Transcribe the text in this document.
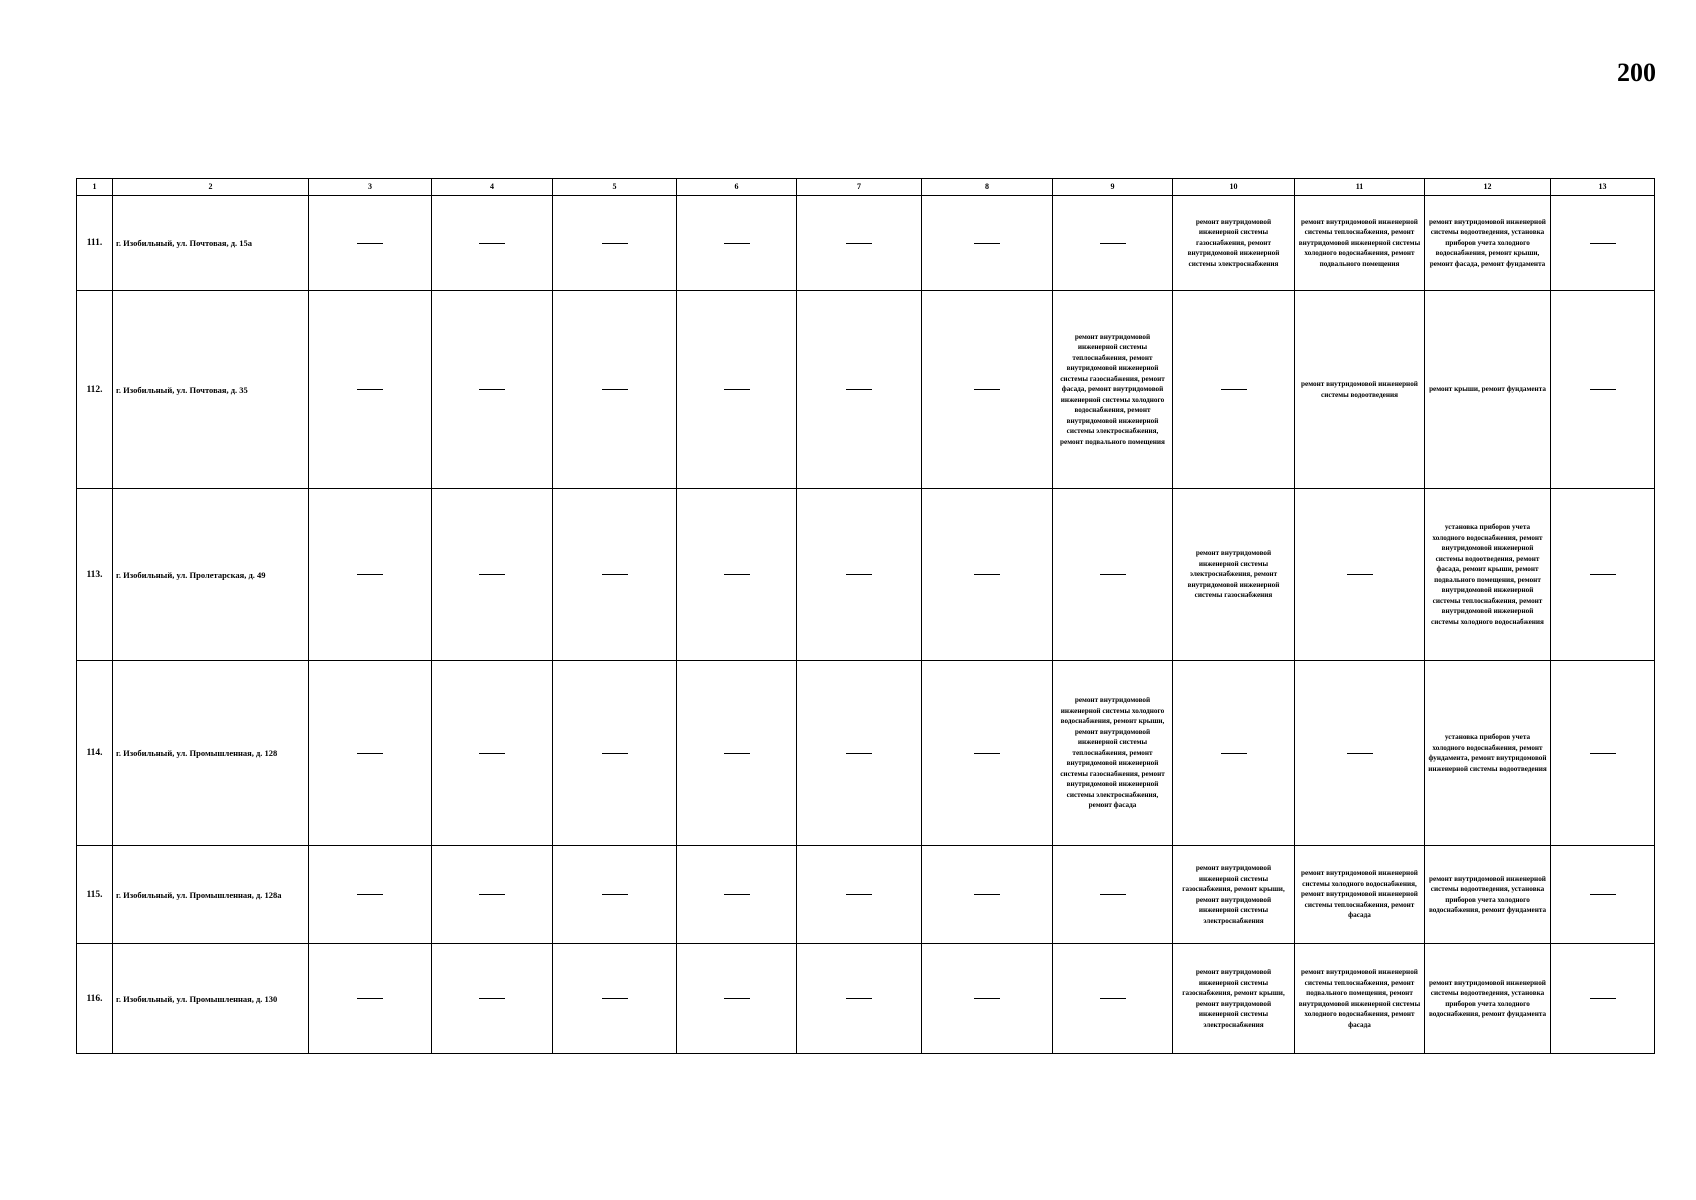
200
1	2	3	4	5	6	7	8	9	10	11	12	13
111.	г. Изобильный, ул. Почтовая, д. 15а								ремонт внутридомовой инженерной системы газоснабжения, ремонт внутридомовой инженерной системы электроснабжения	ремонт внутридомовой инженерной системы теплоснабжения, ремонт внутридомовой инженерной системы холодного водоснабжения, ремонт подвального помещения	ремонт внутридомовой инженерной системы водоотведения, установка приборов учета холодного водоснабжения, ремонт крыши, ремонт фасада, ремонт фундамента	
112.	г. Изобильный, ул. Почтовая, д. 35							ремонт внутридомовой инженерной системы теплоснабжения, ремонт внутридомовой инженерной системы газоснабжения, ремонт фасада, ремонт внутридомовой инженерной системы холодного водоснабжения, ремонт внутридомовой инженерной системы электроснабжения, ремонт подвального помещения		ремонт внутридомовой инженерной системы водоотведения	ремонт крыши, ремонт фундамента	
113.	г. Изобильный, ул. Пролетарская, д. 49								ремонт внутридомовой инженерной системы электроснабжения, ремонт внутридомовой инженерной системы газоснабжения		установка приборов учета холодного водоснабжения, ремонт внутридомовой инженерной системы водоотведения, ремонт фасада, ремонт крыши, ремонт подвального помещения, ремонт внутридомовой инженерной системы теплоснабжения, ремонт внутридомовой инженерной системы холодного водоснабжения	
114.	г. Изобильный, ул. Промышленная, д. 128							ремонт внутридомовой инженерной системы холодного водоснабжения, ремонт крыши, ремонт внутридомовой инженерной системы теплоснабжения, ремонт внутридомовой инженерной системы газоснабжения, ремонт внутридомовой инженерной системы электроснабжения, ремонт фасада			установка приборов учета холодного водоснабжения, ремонт фундамента, ремонт внутридомовой инженерной системы водоотведения	
115.	г. Изобильный, ул. Промышленная, д. 128а								ремонт внутридомовой инженерной системы газоснабжения, ремонт крыши, ремонт внутридомовой инженерной системы электроснабжения	ремонт внутридомовой инженерной системы холодного водоснабжения, ремонт внутридомовой инженерной системы теплоснабжения, ремонт фасада	ремонт внутридомовой инженерной системы водоотведения, установка приборов учета холодного водоснабжения, ремонт фундамента	
116.	г. Изобильный, ул. Промышленная, д. 130								ремонт внутридомовой инженерной системы газоснабжения, ремонт крыши, ремонт внутридомовой инженерной системы электроснабжения	ремонт внутридомовой инженерной системы теплоснабжения, ремонт подвального помещения, ремонт внутридомовой инженерной системы холодного водоснабжения, ремонт фасада	ремонт внутридомовой инженерной системы водоотведения, установка приборов учета холодного водоснабжения, ремонт фундамента	
